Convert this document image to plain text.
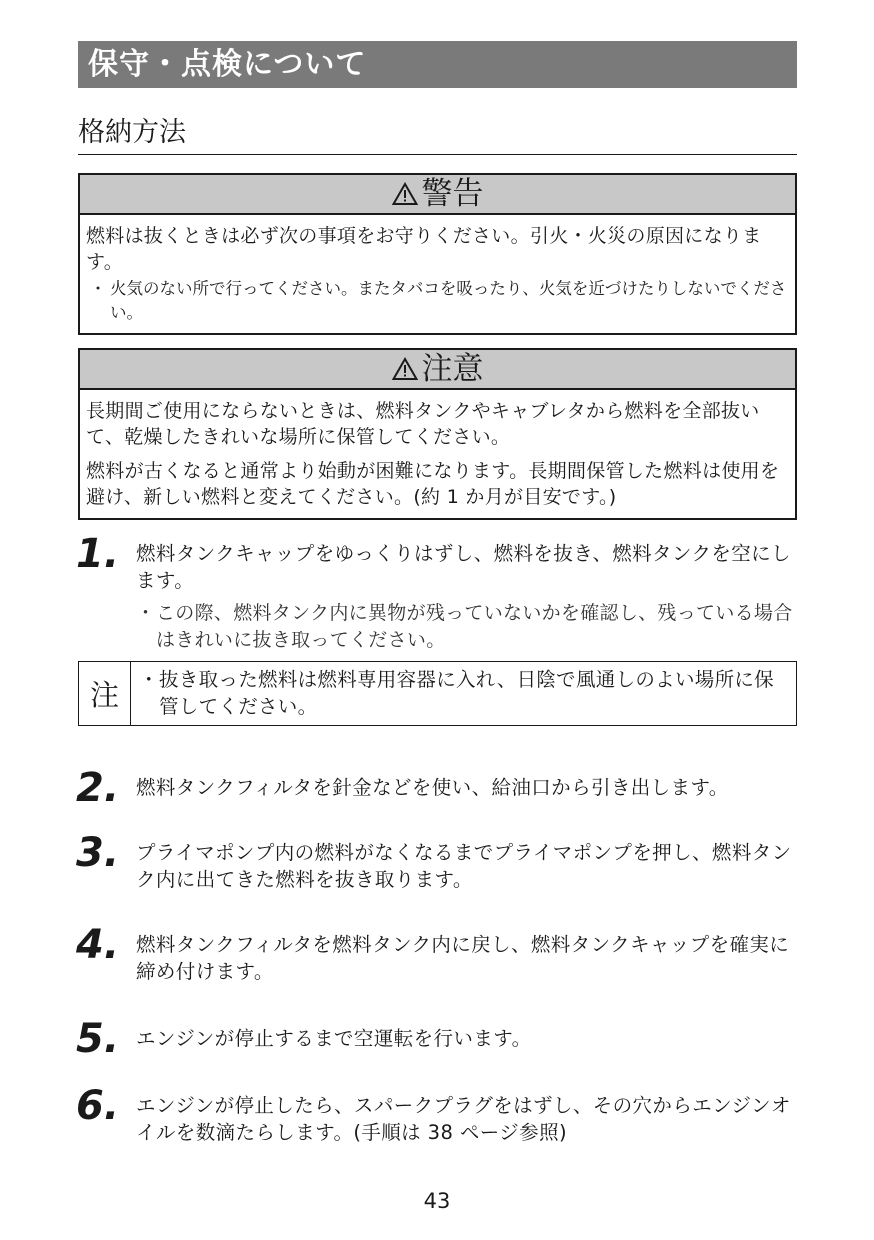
保守・点検について
格納方法
警告
燃料は抜くときは必ず次の事項をお守りください。引火・火災の原因になります。
・ 火気のない所で行ってください。またタバコを吸ったり、火気を近づけたりしないでください。
注意
長期間ご使用にならないときは、燃料タンクやキャブレタから燃料を全部抜いて、乾燥したきれいな場所に保管してください。
燃料が古くなると通常より始動が困難になります。長期間保管した燃料は使用を避け、新しい燃料と変えてください。(約 1 か月が目安です。)
1. 燃料タンクキャップをゆっくりはずし、燃料を抜き、燃料タンクを空にします。
・この際、燃料タンク内に異物が残っていないかを確認し、残っている場合はきれいに抜き取ってください。
注	・抜き取った燃料は燃料専用容器に入れ、日陰で風通しのよい場所に保管してください。
2. 燃料タンクフィルタを針金などを使い、給油口から引き出します。
3. プライマポンプ内の燃料がなくなるまでプライマポンプを押し、燃料タンク内に出てきた燃料を抜き取ります。
4. 燃料タンクフィルタを燃料タンク内に戻し、燃料タンクキャップを確実に締め付けます。
5. エンジンが停止するまで空運転を行います。
6. エンジンが停止したら、スパークプラグをはずし、その穴からエンジンオイルを数滴たらします。(手順は 38 ページ参照)
43
